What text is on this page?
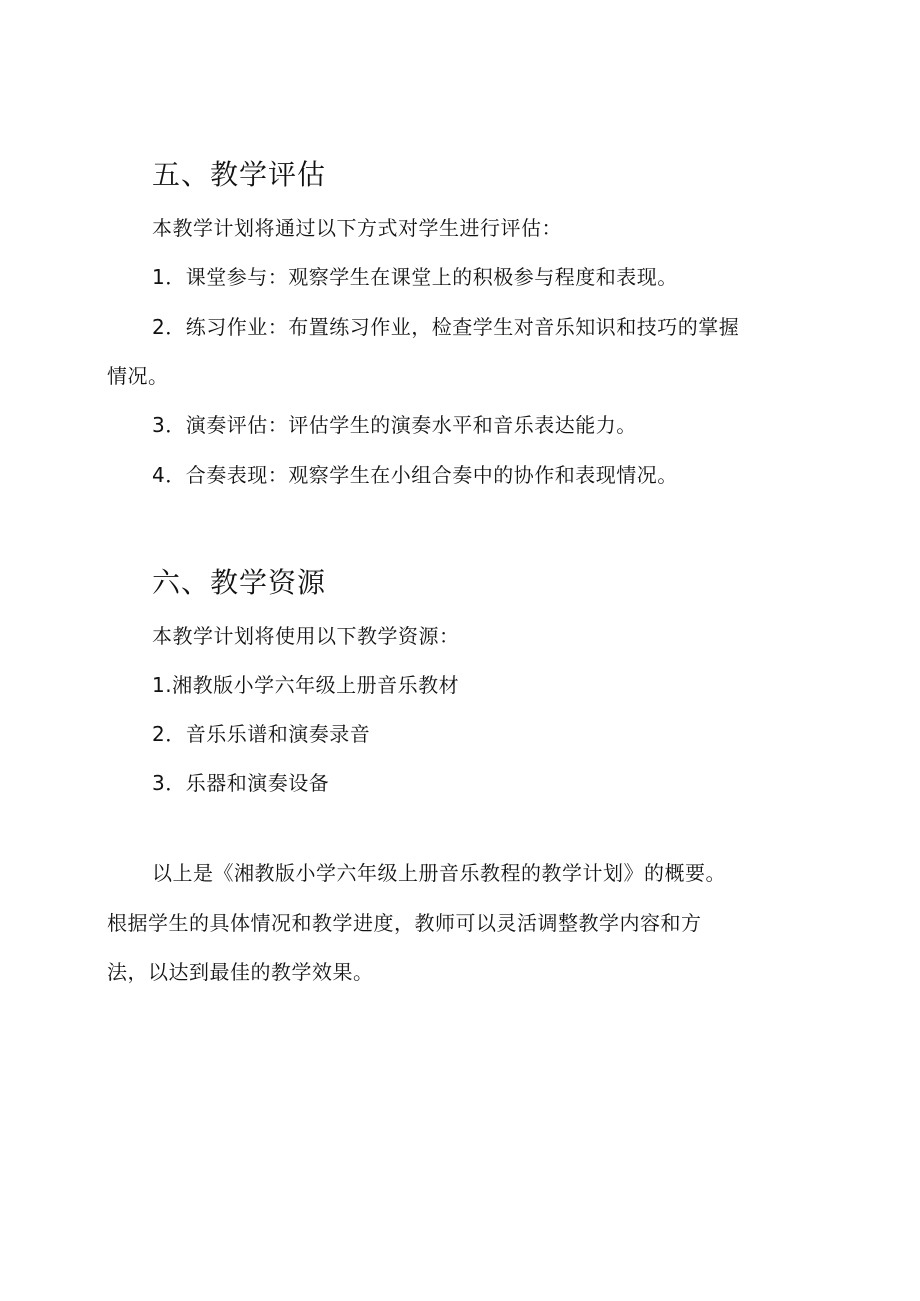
五、教学评估

本教学计划将通过以下方式对学生进行评估：

1．课堂参与：观察学生在课堂上的积极参与程度和表现。

2．练习作业：布置练习作业，检查学生对音乐知识和技巧的掌握

情况。

3．演奏评估：评估学生的演奏水平和音乐表达能力。

4．合奏表现：观察学生在小组合奏中的协作和表现情况。

六、教学资源

本教学计划将使用以下教学资源：

1.湘教版小学六年级上册音乐教材

2．音乐乐谱和演奏录音

3．乐器和演奏设备

以上是《湘教版小学六年级上册音乐教程的教学计划》的概要。

根据学生的具体情况和教学进度，教师可以灵活调整教学内容和方

法，以达到最佳的教学效果。
